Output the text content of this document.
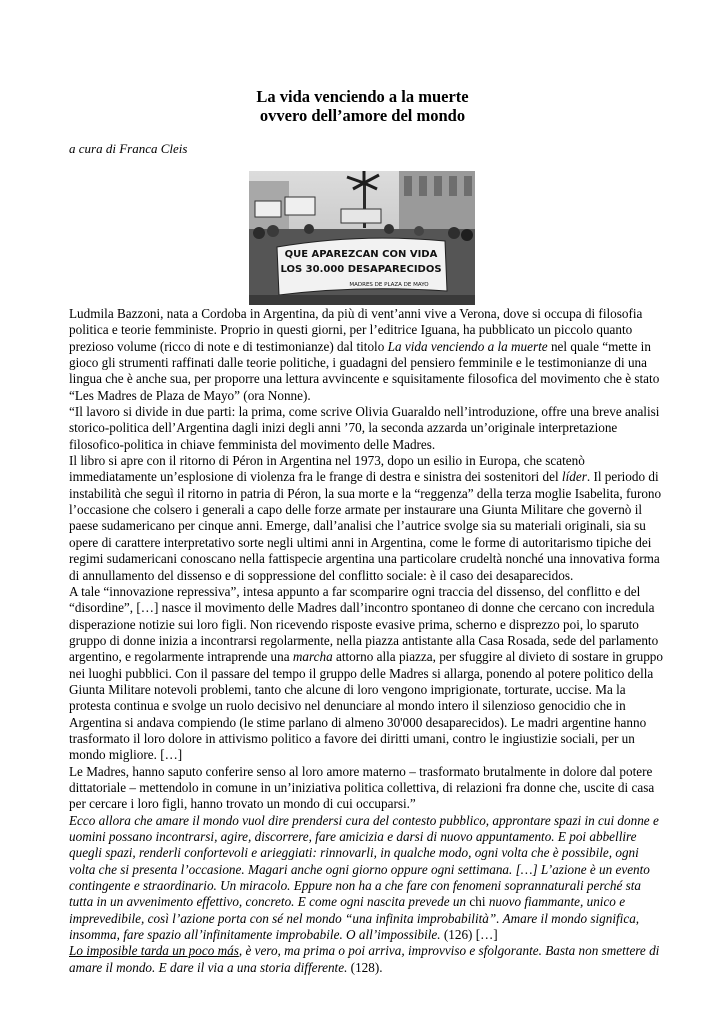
La vida venciendo a la muerte
ovvero dell’amore del mondo
a cura di Franca Cleis
QUE APAREZCAN CON VIDA
LOS 30.000 DESAPARECIDOS
MADRES DE PLAZA DE MAYO

Ludmila Bazzoni, nata a Cordoba in Argentina, da più di vent’anni vive a Verona, dove si occupa di filosofia politica e teorie femministe. Proprio in questi giorni, per l’editrice Iguana, ha pubblicato un piccolo quanto prezioso volume (ricco di note e di testimonianze) dal titolo La vida venciendo a la muerte nel quale “mette in gioco gli strumenti raffinati dalle teorie politiche, i guadagni del pensiero femminile e le testimonianze di una lingua che è anche sua, per proporre una lettura avvincente e squisitamente filosofica del movimento che è stato “Les Madres de Plaza de Mayo” (ora Nonne).

“Il lavoro si divide in due parti: la prima, come scrive Olivia Guaraldo nell’introduzione, offre una breve analisi storico-politica dell’Argentina dagli inizi degli anni ’70, la seconda azzarda un’originale interpretazione filosofico-politica in chiave femminista del movimento delle Madres.

Il libro si apre con il ritorno di Péron in Argentina nel 1973, dopo un esilio in Europa, che scatenò immediatamente un’esplosione di violenza fra le frange di destra e sinistra dei sostenitori del líder. Il periodo di instabilità che seguì il ritorno in patria di Péron, la sua morte e la “reggenza” della terza moglie Isabelita, furono l’occasione che colsero i generali a capo delle forze armate per instaurare una Giunta Militare che governò il paese sudamericano per cinque anni. Emerge, dall’analisi che l’autrice svolge sia su materiali originali, sia su opere di carattere interpretativo sorte negli ultimi anni in Argentina, come le forme di autoritarismo tipiche dei regimi sudamericani conoscano nella fattispecie argentina una particolare crudeltà nonché una innovativa forma di annullamento del dissenso e di soppressione del conflitto sociale: è il caso dei desaparecidos.

A tale “innovazione repressiva”, intesa appunto a far scomparire ogni traccia del dissenso, del conflitto e del “disordine”, […] nasce il movimento delle Madres dall’incontro spontaneo di donne che cercano con incredula disperazione notizie sui loro figli. Non ricevendo risposte evasive prima, scherno e disprezzo poi, lo sparuto gruppo di donne inizia a incontrarsi regolarmente, nella piazza antistante alla Casa Rosada, sede del parlamento argentino, e regolarmente intraprende una marcha attorno alla piazza, per sfuggire al divieto di sostare in gruppo nei luoghi pubblici. Con il passare del tempo il gruppo delle Madres si allarga, ponendo al potere politico della Giunta Militare notevoli problemi, tanto che alcune di loro vengono imprigionate, torturate, uccise. Ma la protesta continua e svolge un ruolo decisivo nel denunciare al mondo intero il silenzioso genocidio che in Argentina si andava compiendo (le stime parlano di almeno 30'000 desaparecidos). Le madri argentine hanno trasformato il loro dolore in attivismo politico a favore dei diritti umani, contro le ingiustizie sociali, per un mondo migliore. […]

Le Madres, hanno saputo conferire senso al loro amore materno – trasformato brutalmente in dolore dal potere dittatoriale – mettendolo in comune in un’iniziativa politica collettiva, di relazioni fra donne che, uscite di casa per cercare i loro figli, hanno trovato un mondo di cui occuparsi.”

Ecco allora che amare il mondo vuol dire prendersi cura del contesto pubblico, approntare spazi in cui donne e uomini possano incontrarsi, agire, discorrere, fare amicizia e darsi di nuovo appuntamento. E poi abbellire quegli spazi, renderli confortevoli e arieggiati: rinnovarli, in qualche modo, ogni volta che è possibile, ogni volta che si presenta l’occasione. Magari anche ogni giorno oppure ogni settimana. […] L’azione è un evento contingente e straordinario. Un miracolo. Eppure non ha a che fare con fenomeni soprannaturali perché sta tutta in un avvenimento effettivo, concreto. E come ogni nascita prevede un chi nuovo fiammante, unico e imprevedibile, così l’azione porta con sé nel mondo “una infinita improbabilità”. Amare il mondo significa, insomma, fare spazio all’infinitamente improbabile. O all’impossibile. (126) […]
Lo imposible tarda un poco más, è vero, ma prima o poi arriva, improvviso e sfolgorante. Basta non smettere di amare il mondo. E dare il via a una storia differente. (128).
